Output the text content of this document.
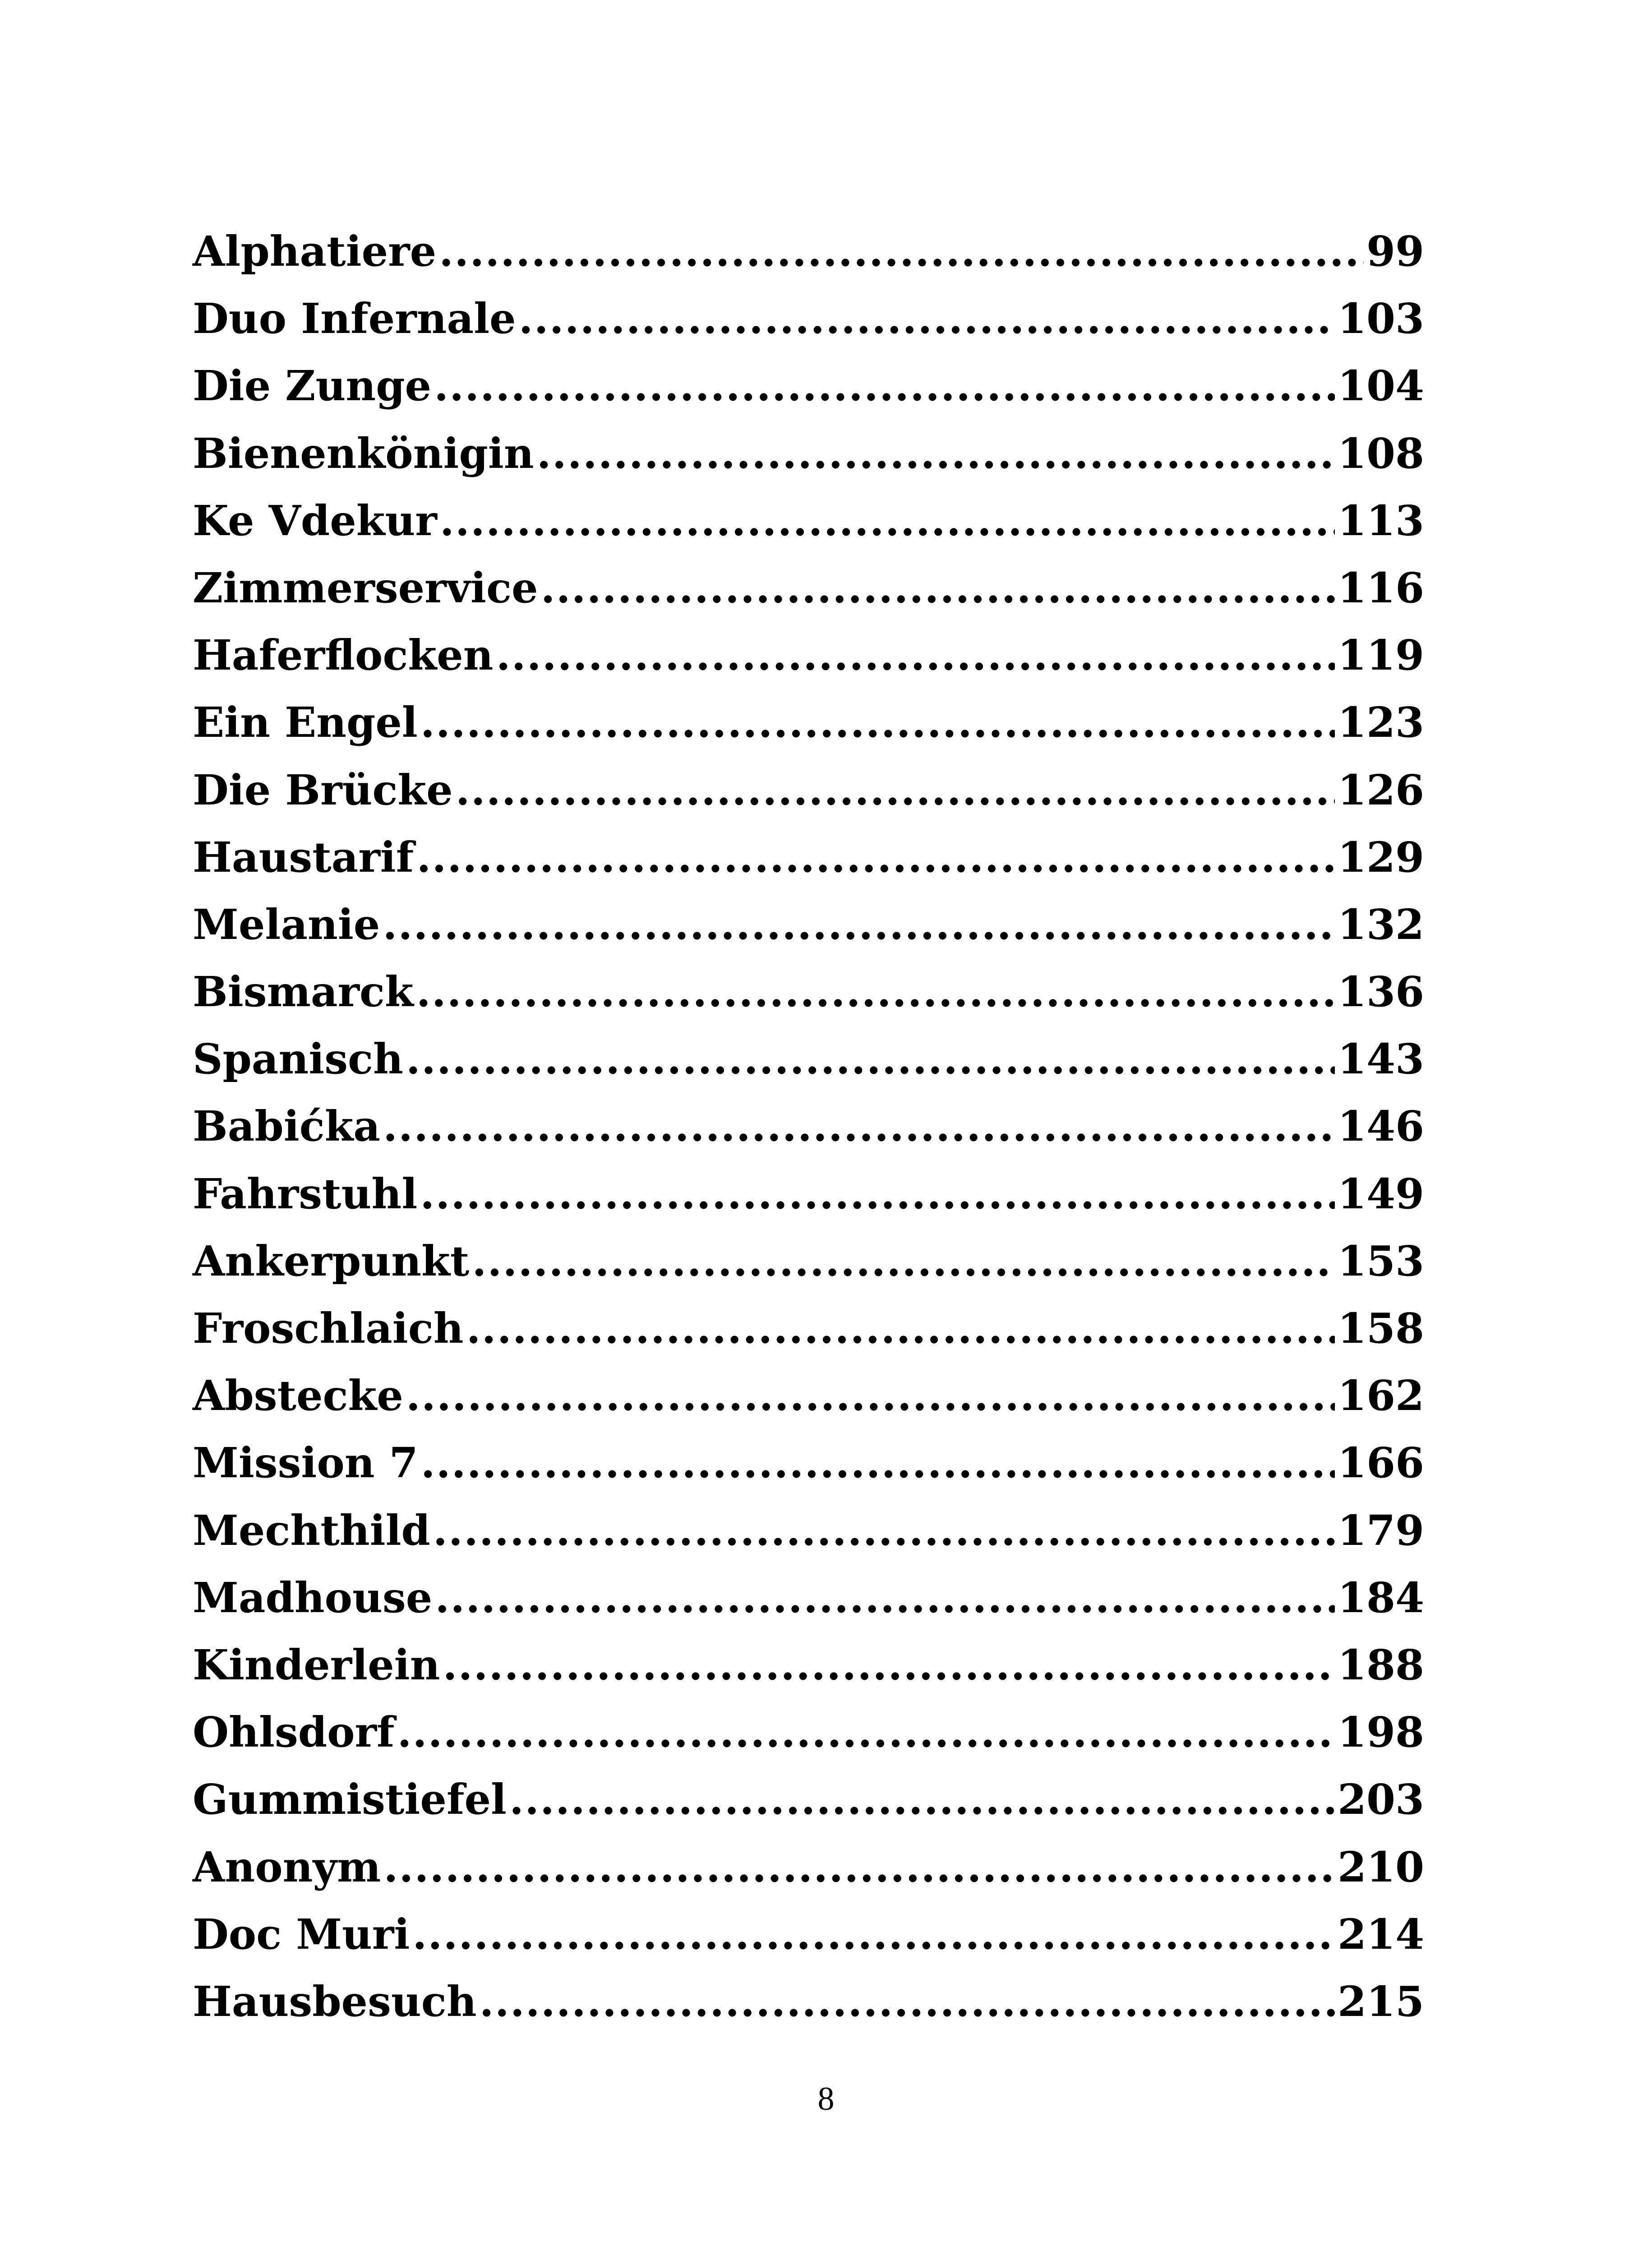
Alphatiere .....	99
Duo Infernale .....	103
Die Zunge .....	104
Bienenkönigin .....	108
Ke Vdekur .....	113
Zimmerservice .....	116
Haferflocken .....	119
Ein Engel .....	123
Die Brücke .....	126
Haustarif .....	129
Melanie .....	132
Bismarck .....	136
Spanisch .....	143
Babićka .....	146
Fahrstuhl .....	149
Ankerpunkt .....	153
Froschlaich .....	158
Abstecke .....	162
Mission 7 .....	166
Mechthild .....	179
Madhouse .....	184
Kinderlein .....	188
Ohlsdorf .....	198
Gummistiefel .....	203
Anonym .....	210
Doc Muri .....	214
Hausbesuch .....	215
8
